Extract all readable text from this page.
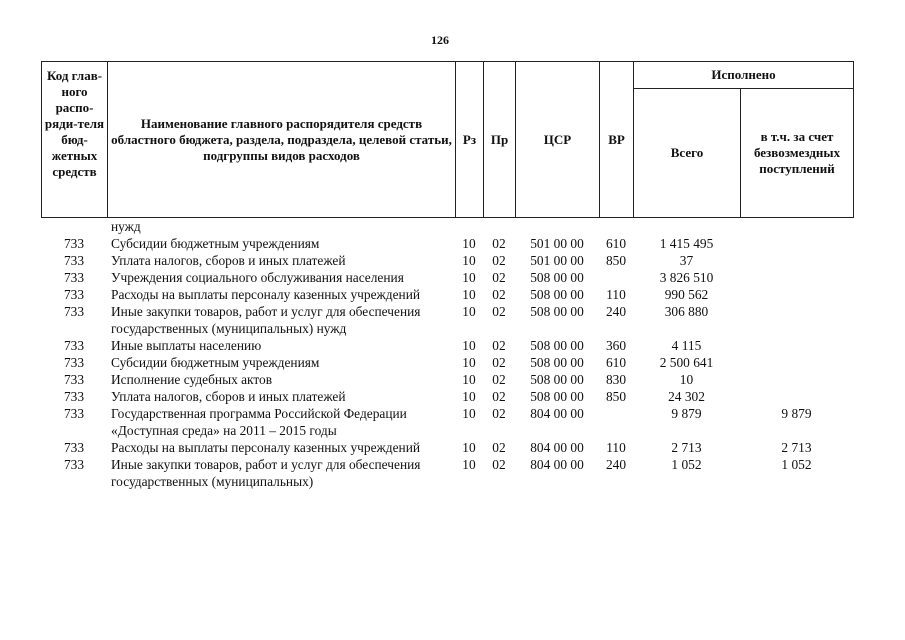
126
Код глав-ного распо-ряди-теля бюд-жетных средств	Наименование главного распорядителя средств областного бюджета, раздела, подраздела, целевой статьи, подгруппы видов расходов	Рз	Пр	ЦСР	ВР	Исполнено	
						Всего	в т.ч. за счет безвозмездных поступлений
	нужд						
733	Субсидии бюджетным учреждениям	10	02	501 00 00	610	1 415 495	
733	Уплата налогов, сборов и иных платежей	10	02	501 00 00	850	37	
733	Учреждения социального обслуживания населения	10	02	508 00 00		3 826 510	
733	Расходы на выплаты персоналу казенных учреждений	10	02	508 00 00	110	990 562	
733	Иные закупки товаров, работ и услуг для обеспечения государственных (муниципальных) нужд	10	02	508 00 00	240	306 880	
733	Иные выплаты населению	10	02	508 00 00	360	4 115	
733	Субсидии бюджетным учреждениям	10	02	508 00 00	610	2 500 641	
733	Исполнение судебных актов	10	02	508 00 00	830	10	
733	Уплата налогов, сборов и иных платежей	10	02	508 00 00	850	24 302	
733	Государственная программа Российской Федерации «Доступная среда» на 2011 – 2015 годы	10	02	804 00 00		9 879	9 879
733	Расходы на выплаты персоналу казенных учреждений	10	02	804 00 00	110	2 713	2 713
733	Иные закупки товаров, работ и услуг для обеспечения государственных (муниципальных)	10	02	804 00 00	240	1 052	1 052
